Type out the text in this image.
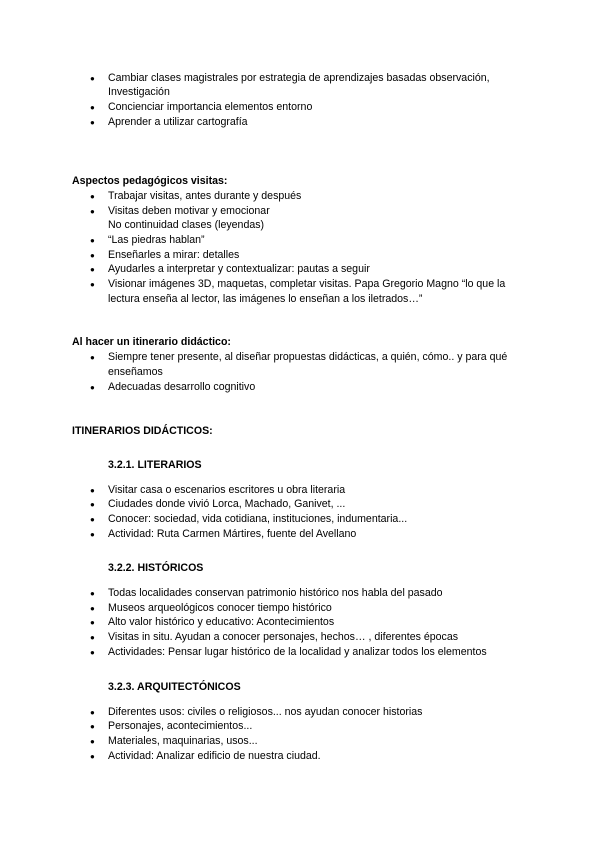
● Cambiar clases magistrales por estrategia de aprendizajes basadas observación,
Investigación
● Concienciar importancia elementos entorno
● Aprender a utilizar cartografía
Aspectos pedagógicos visitas:
● Trabajar visitas, antes durante y después
● Visitas deben motivar y emocionar
No continuidad clases (leyendas)
● “Las piedras hablan”
● Enseñarles a mirar: detalles
● Ayudarles a interpretar y contextualizar: pautas a seguir
● Visionar imágenes 3D, maquetas, completar visitas. Papa Gregorio Magno “lo que la
lectura enseña al lector, las imágenes lo enseñan a los iletrados…”
Al hacer un itinerario didáctico:
● Siempre tener presente, al diseñar propuestas didácticas, a quién, cómo.. y para qué
enseñamos
● Adecuadas desarrollo cognitivo
ITINERARIOS DIDÁCTICOS:
3.2.1. LITERARIOS
● Visitar casa o escenarios escritores u obra literaria
● Ciudades donde vivió Lorca, Machado, Ganivet, ...
● Conocer: sociedad, vida cotidiana, instituciones, indumentaria...
● Actividad: Ruta Carmen Mártires, fuente del Avellano
3.2.2. HISTÓRICOS
● Todas localidades conservan patrimonio histórico nos habla del pasado
● Museos arqueológicos conocer tiempo histórico
● Alto valor histórico y educativo: Acontecimientos
● Visitas in situ. Ayudan a conocer personajes, hechos… , diferentes épocas
● Actividades: Pensar lugar histórico de la localidad y analizar todos los elementos
3.2.3. ARQUITECTÓNICOS
● Diferentes usos: civiles o religiosos... nos ayudan conocer historias
● Personajes, acontecimientos...
● Materiales, maquinarias, usos...
● Actividad: Analizar edificio de nuestra ciudad.
